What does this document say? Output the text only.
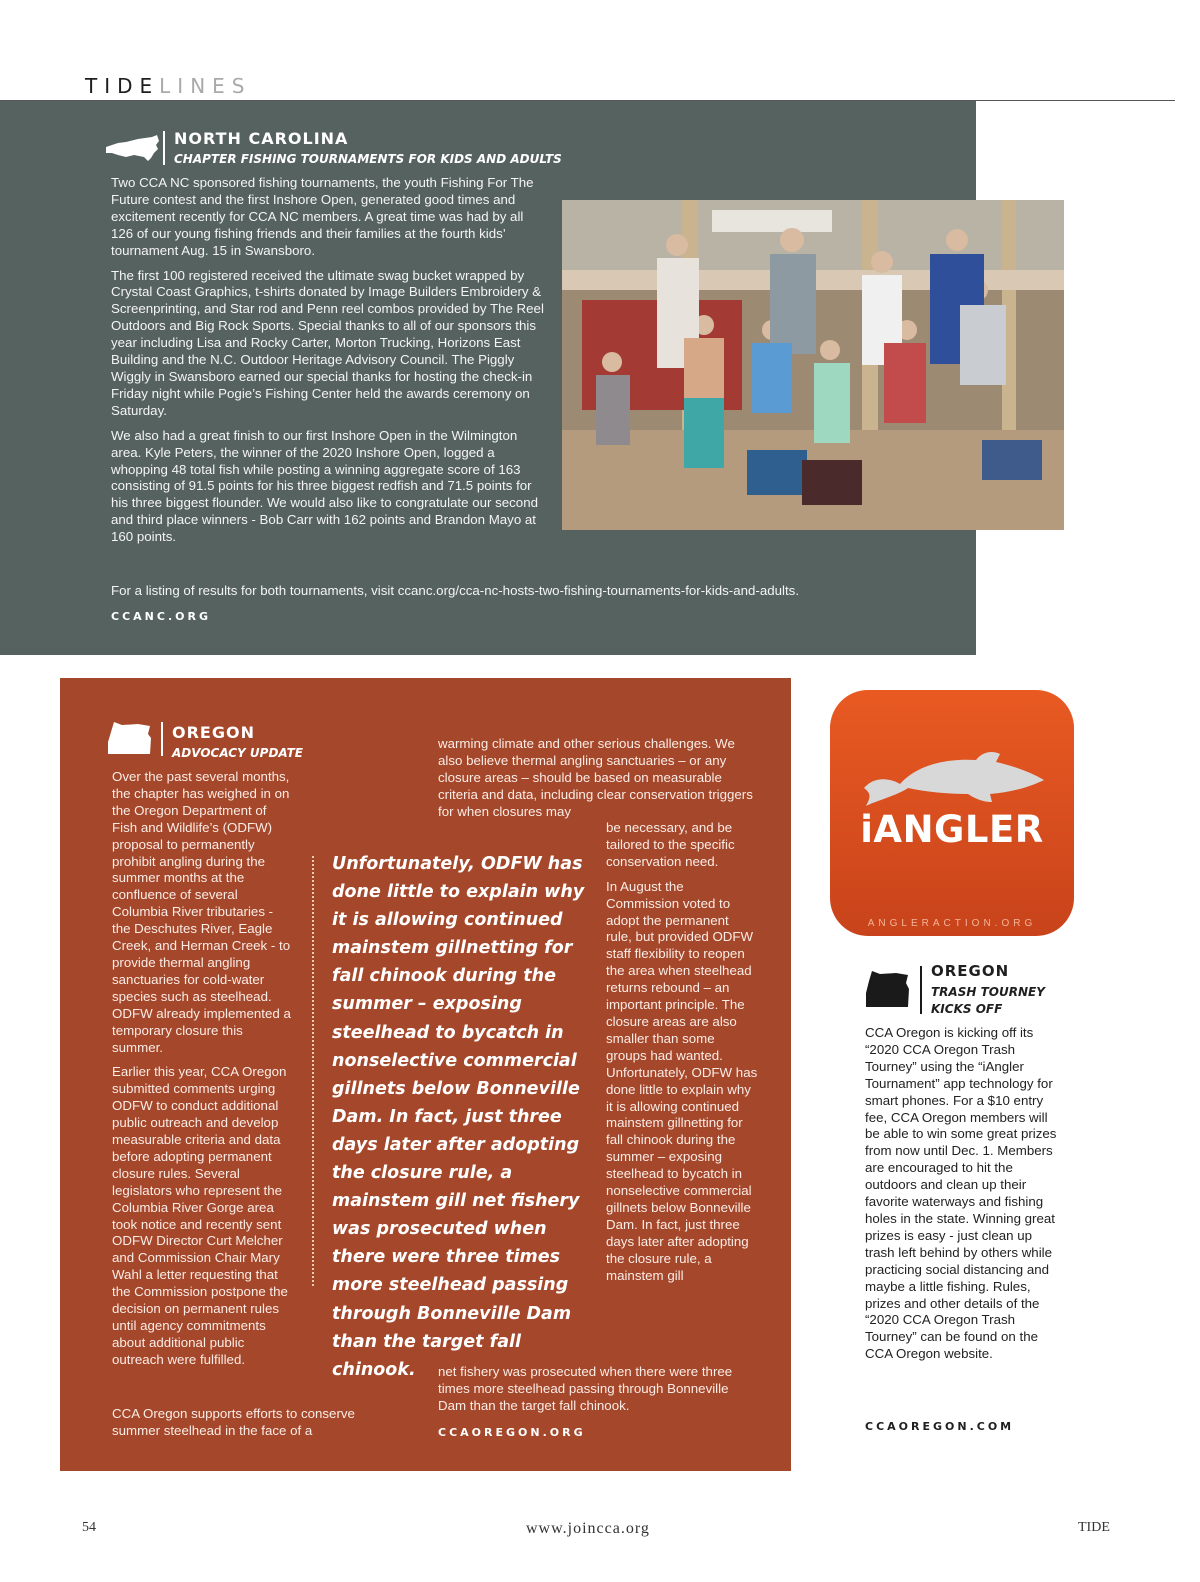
TIDELINES
NORTH CAROLINA
CHAPTER FISHING TOURNAMENTS FOR KIDS AND ADULTS

Two CCA NC sponsored fishing tournaments, the youth Fishing For The Future contest and the first Inshore Open, generated good times and excitement recently for CCA NC members. A great time was had by all 126 of our young fishing friends and their families at the fourth kids’ tournament Aug. 15 in Swansboro.

The first 100 registered received the ultimate swag bucket wrapped by Crystal Coast Graphics, t-shirts donated by Image Builders Embroidery & Screenprinting, and Star rod and Penn reel combos provided by The Reel Outdoors and Big Rock Sports. Special thanks to all of our sponsors this year including Lisa and Rocky Carter, Morton Trucking, Horizons East Building and the N.C. Outdoor Heritage Advisory Council. The Piggly Wiggly in Swansboro earned our special thanks for hosting the check-in Friday night while Pogie’s Fishing Center held the awards ceremony on Saturday.

We also had a great finish to our first Inshore Open in the Wilmington area. Kyle Peters, the winner of the 2020 Inshore Open, logged a whopping 48 total fish while posting a winning aggregate score of 163 consisting of 91.5 points for his three biggest redfish and 71.5 points for his three biggest flounder. We would also like to congratulate our second and third place winners - Bob Carr with 162 points and Brandon Mayo at 160 points.

For a listing of results for both tournaments, visit ccanc.org/cca-nc-hosts-two-fishing-tournaments-for-kids-and-adults.
CCANC.ORG
OREGON
ADVOCACY UPDATE

Over the past several months, the chapter has weighed in on the Oregon Department of Fish and Wildlife’s (ODFW) proposal to permanently prohibit angling during the summer months at the confluence of several Columbia River tributaries - the Deschutes River, Eagle Creek, and Herman Creek - to provide thermal angling sanctuaries for cold-water species such as steelhead. ODFW already implemented a temporary closure this summer.

Earlier this year, CCA Oregon submitted comments urging ODFW to conduct additional public outreach and develop measurable criteria and data before adopting permanent closure rules. Several legislators who represent the Columbia River Gorge area took notice and recently sent ODFW Director Curt Melcher and Commission Chair Mary Wahl a letter requesting that the Commission postpone the decision on permanent rules until agency commitments about additional public outreach were fulfilled.

CCA Oregon supports efforts to conserve summer steelhead in the face of a
warming climate and other serious challenges. We also believe thermal angling sanctuaries – or any closure areas – should be based on measurable criteria and data, including clear conservation triggers for when closures may

be necessary, and be tailored to the specific conservation need.

In August the Commission voted to adopt the permanent rule, but provided ODFW staff flexibility to reopen the area when steelhead returns rebound – an important principle. The closure areas are also smaller than some groups had wanted. Unfortunately, ODFW has done little to explain why it is allowing continued mainstem gillnetting for fall chinook during the summer – exposing steelhead to bycatch in nonselective commercial gillnets below Bonneville Dam. In fact, just three days later after adopting the closure rule, a mainstem gill

net fishery was prosecuted when there were three times more steelhead passing through Bonneville Dam than the target fall chinook.
Unfortunately, ODFW has done little to explain why it is allowing continued mainstem gillnetting for fall chinook during the summer – exposing steelhead to bycatch in nonselective commercial gillnets below Bonneville Dam. In fact, just three days later after adopting the closure rule, a mainstem gill net fishery was prosecuted when there were three times more steelhead passing through Bonneville Dam than the target fall chinook.
CCAOREGON.ORG
iANGLER
ANGLERACTION.ORG
OREGON
TRASH TOURNEY
KICKS OFF
CCA Oregon is kicking off its “2020 CCA Oregon Trash Tourney” using the “iAngler Tournament” app technology for smart phones. For a $10 entry fee, CCA Oregon members will be able to win some great prizes from now until Dec. 1. Members are encouraged to hit the outdoors and clean up their favorite waterways and fishing holes in the state. Winning great prizes is easy - just clean up trash left behind by others while practicing social distancing and maybe a little fishing. Rules, prizes and other details of the “2020 CCA Oregon Trash Tourney” can be found on the CCA Oregon website.
CCAOREGON.COM
54	www.joincca.org	TIDE
